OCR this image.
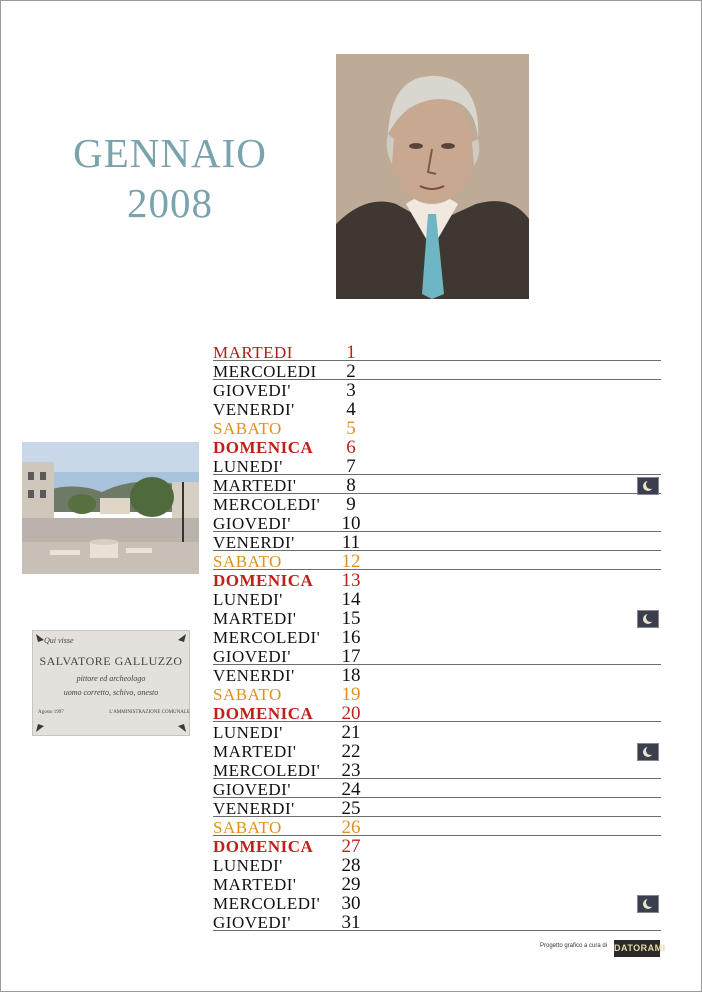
GENNAIO
2008
Qui visse
SALVATORE GALLUZZO
pittore ed archeologo
uomo corretto, schivo, onesto
Agosto 1997	L'AMMINISTRAZIONE COMUNALE
MARTEDI	1
MERCOLEDI 2
GIOVEDI'	3
VENERDI'	4
SABATO	5
DOMENICA 6
LUNEDI'	7
MARTEDI'	8
MERCOLEDI' 9
GIOVEDI'	10
VENERDI' 11
SABATO	12
DOMENICA 13
LUNEDI'	14
MARTEDI' 15
MERCOLEDI' 16
GIOVEDI'	17
VENERDI' 18
SABATO	19
DOMENICA 20
LUNEDI'	21
MARTEDI' 22
MERCOLEDI' 23
GIOVEDI'	24
VENERDI' 25
SABATO	26
DOMENICA 27
LUNEDI'	28
MARTEDI' 29
MERCOLEDI' 30
GIOVEDI'	31
Progetto grafico a cura di DATORAMI
